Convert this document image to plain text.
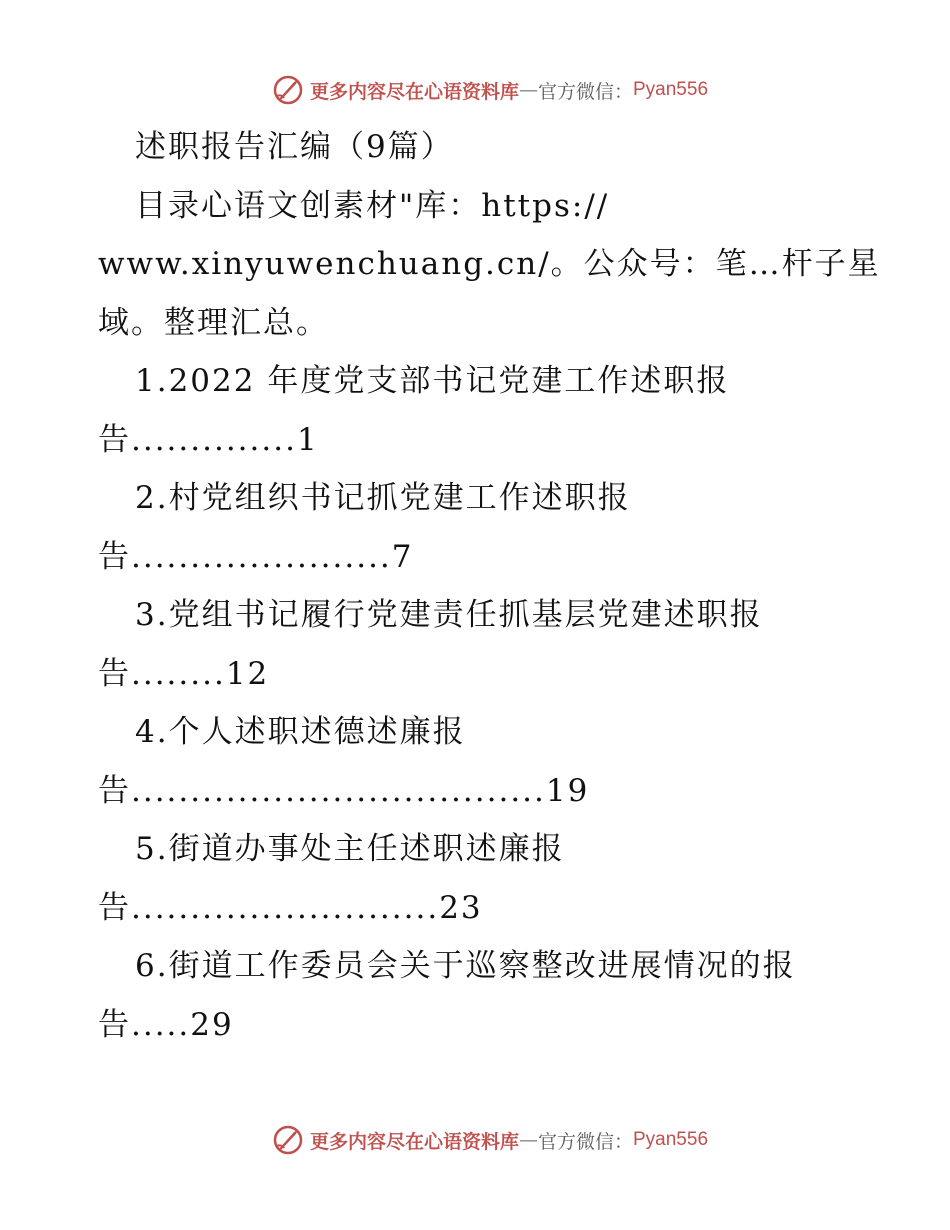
更多内容尽在心语资料库 — 官方微信： Pyan556
述职报告汇编（9篇）
目录心语文创素材"库：https://
www.xinyuwenchuang.cn/。公众号：笔…杆子星
域。整理汇总。
1.2022 年度党支部书记党建工作述职报
告..............1
2.村党组织书记抓党建工作述职报
告......................7
3.党组书记履行党建责任抓基层党建述职报
告........12
4.个人述职述德述廉报
告...................................19
5.街道办事处主任述职述廉报
告..........................23
6.街道工作委员会关于巡察整改进展情况的报
告.....29
更多内容尽在心语资料库 — 官方微信： Pyan556
